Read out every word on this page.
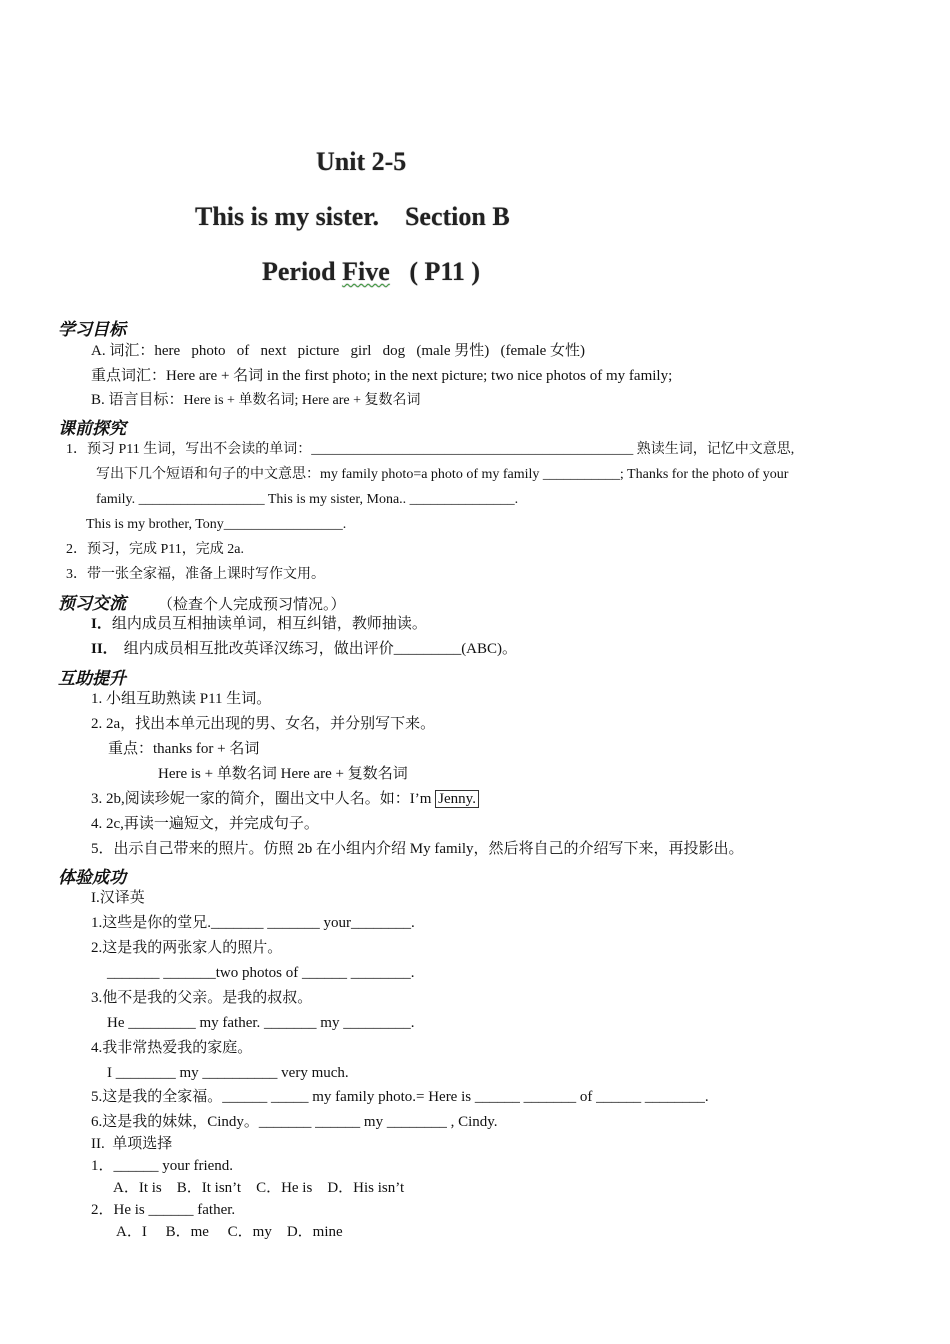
Unit 2-5
This is my sister.    Section B
Period Five   ( P11 )
学习目标
A. 词汇：here   photo   of   next   picture   girl   dog   (male 男性)   (female 女性)
重点词汇：Here are + 名词 in the first photo; in the next picture; two nice photos of my family;
B. 语言目标：Here is + 单数名词; Here are + 复数名词
课前探究
1．预习 P11 生词，写出不会读的单词：______________________________________________ 熟读生词，记忆中文意思,
写出下几个短语和句子的中文意思：my family photo=a photo of my family ___________; Thanks for the photo of your
family. __________________ This is my sister, Mona.. _______________.
This is my brother, Tony_________________.
2．预习，完成 P11，完成 2a.
3．带一张全家福，准备上课时写作文用。
预习交流 （检查个人完成预习情况。）
I．组内成员互相抽读单词，相互纠错，教师抽读。
II． 组内成员相互批改英译汉练习，做出评价_________(ABC)。
互助提升
1. 小组互助熟读 P11 生词。
2. 2a，找出本单元出现的男、女名，并分别写下来。
重点：thanks for + 名词
Here is + 单数名词 Here are + 复数名词
3. 2b,阅读珍妮一家的简介，圈出文中人名。如：I’m Jenny.
4. 2c,再读一遍短文，并完成句子。
5．出示自己带来的照片。仿照 2b 在小组内介绍 My family，然后将自己的介绍写下来，再投影出。
体验成功
I.汉译英
1.这些是你的堂兄._______ _______ your________.
2.这是我的两张家人的照片。
_______ _______two photos of ______ ________.
3.他不是我的父亲。是我的叔叔。
He _________ my father. _______ my _________.
4.我非常热爱我的家庭。
I ________ my __________ very much.
5.这是我的全家福。______ _____ my family photo.= Here is ______ _______ of ______ ________.
6.这是我的妹妹，Cindy。_______ ______ my ________ , Cindy.
II.  单项选择
1．______ your friend.
A．It is    B．It isn’t    C．He is    D．His isn’t
2．He is ______ father.
A．I     B．me     C．my    D．mine
